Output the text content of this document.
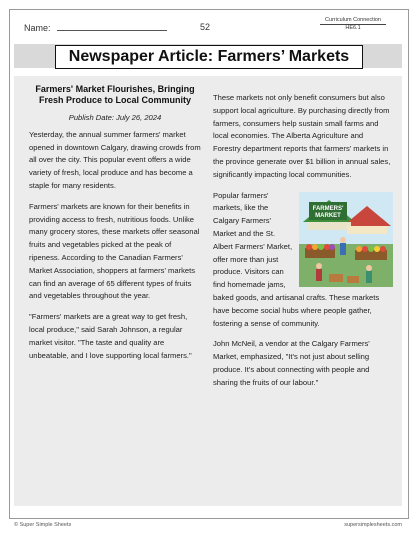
Name:	52
Curriculum Connection
HE6.1
Newspaper Article: Farmers’ Markets
Farmers' Market Flourishes, Bringing Fresh Produce to Local Community
Publish Date: July 26, 2024

Yesterday, the annual summer farmers' market opened in downtown Calgary, drawing crowds from all over the city. This popular event offers a wide variety of fresh, local produce and has become a staple for many residents.

Farmers' markets are known for their benefits in providing access to fresh, nutritious foods. Unlike many grocery stores, these markets offer seasonal fruits and vegetables picked at the peak of ripeness. According to the Canadian Farmers' Market Association, shoppers at farmers' markets can find an average of 65 different types of fruits and vegetables throughout the year.

"Farmers' markets are a great way to get fresh, local produce," said Sarah Johnson, a regular market visitor. "The taste and quality are unbeatable, and I love supporting local farmers."

These markets not only benefit consumers but also support local agriculture. By purchasing directly from farmers, consumers help sustain small farms and local economies. The Alberta Agriculture and Forestry department reports that farmers' markets in the province generate over $1 billion in annual sales, significantly impacting local communities.

FARMERS'
MARKET
Popular farmers' markets, like the Calgary Farmers' Market and the St. Albert Farmers' Market, offer more than just produce. Visitors can find homemade jams, baked goods, and artisanal crafts. These markets have become social hubs where people gather, fostering a sense of community.

John McNeil, a vendor at the Calgary Farmers' Market, emphasized, "It's not just about selling produce. It's about connecting with people and sharing the fruits of our labour."

© Super Simple Sheets	supersimplesheets.com
